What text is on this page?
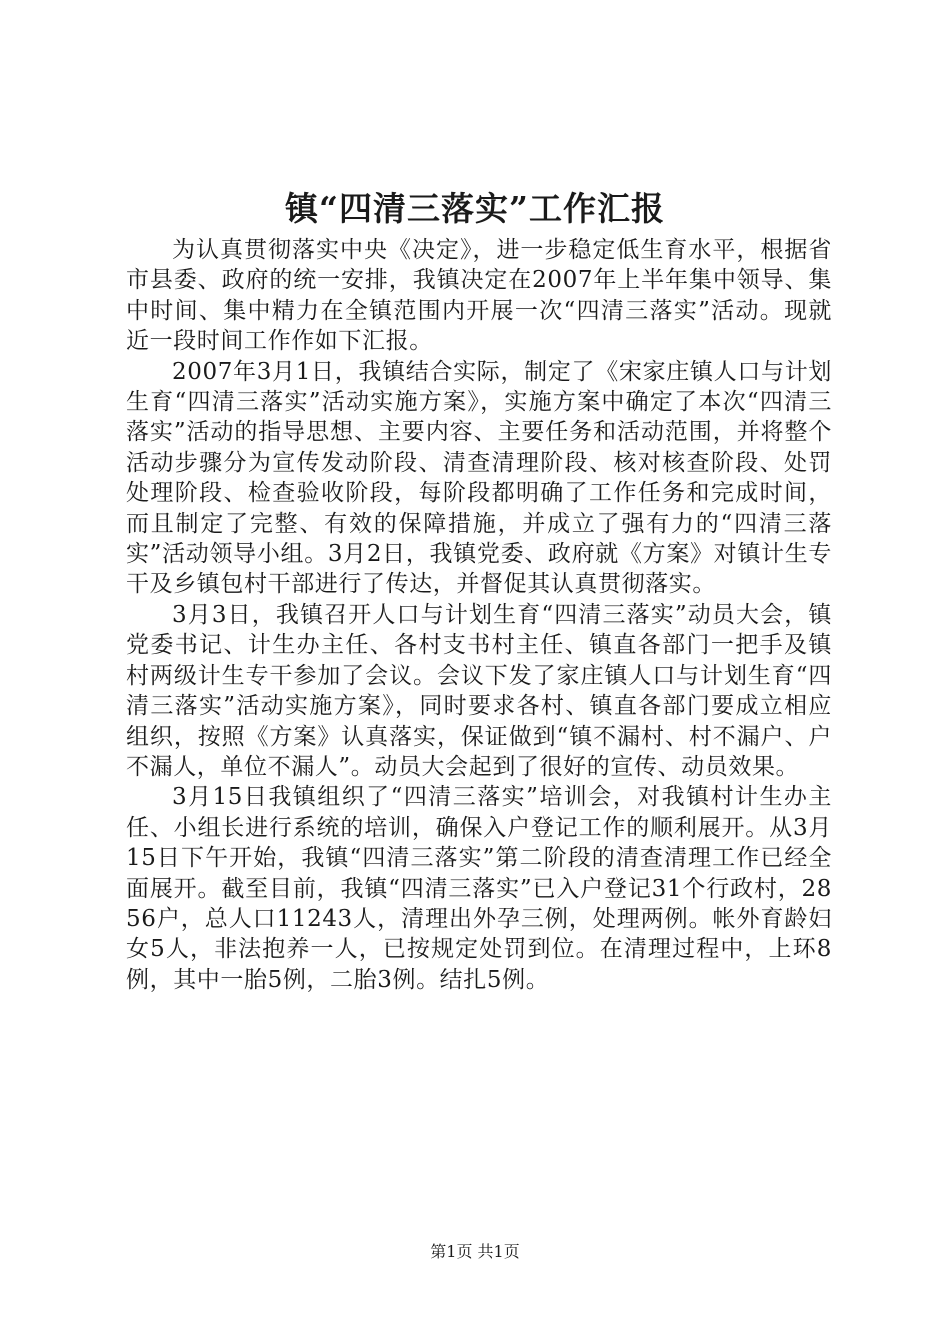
镇“四清三落实”工作汇报

为认真贯彻落实中央《决定》，进一步稳定低生育水平，根据省市县委、政府的统一安排，我镇决定在2007年上半年集中领导、集中时间、集中精力在全镇范围内开展一次“四清三落实”活动。现就近一段时间工作作如下汇报。

2007年3月1日，我镇结合实际，制定了《宋家庄镇人口与计划生育“四清三落实”活动实施方案》，实施方案中确定了本次“四清三落实”活动的指导思想、主要内容、主要任务和活动范围，并将整个活动步骤分为宣传发动阶段、清查清理阶段、核对核查阶段、处罚处理阶段、检查验收阶段，每阶段都明确了工作任务和完成时间，而且制定了完整、有效的保障措施，并成立了强有力的“四清三落实”活动领导小组。3月2日，我镇党委、政府就《方案》对镇计生专干及乡镇包村干部进行了传达，并督促其认真贯彻落实。

3月3日，我镇召开人口与计划生育“四清三落实”动员大会，镇党委书记、计生办主任、各村支书村主任、镇直各部门一把手及镇村两级计生专干参加了会议。会议下发了家庄镇人口与计划生育“四清三落实”活动实施方案》，同时要求各村、镇直各部门要成立相应组织，按照《方案》认真落实，保证做到“镇不漏村、村不漏户、户不漏人，单位不漏人”。动员大会起到了很好的宣传、动员效果。

3月15日我镇组织了“四清三落实”培训会，对我镇村计生办主任、小组长进行系统的培训，确保入户登记工作的顺利展开。从3月15日下午开始，我镇“四清三落实”第二阶段的清查清理工作已经全面展开。截至目前，我镇“四清三落实”已入户登记31个行政村，2856户，总人口11243人，清理出外孕三例，处理两例。帐外育龄妇女5人，非法抱养一人，已按规定处罚到位。在清理过程中，上环8例，其中一胎5例，二胎3例。结扎5例。

第1页 共1页
